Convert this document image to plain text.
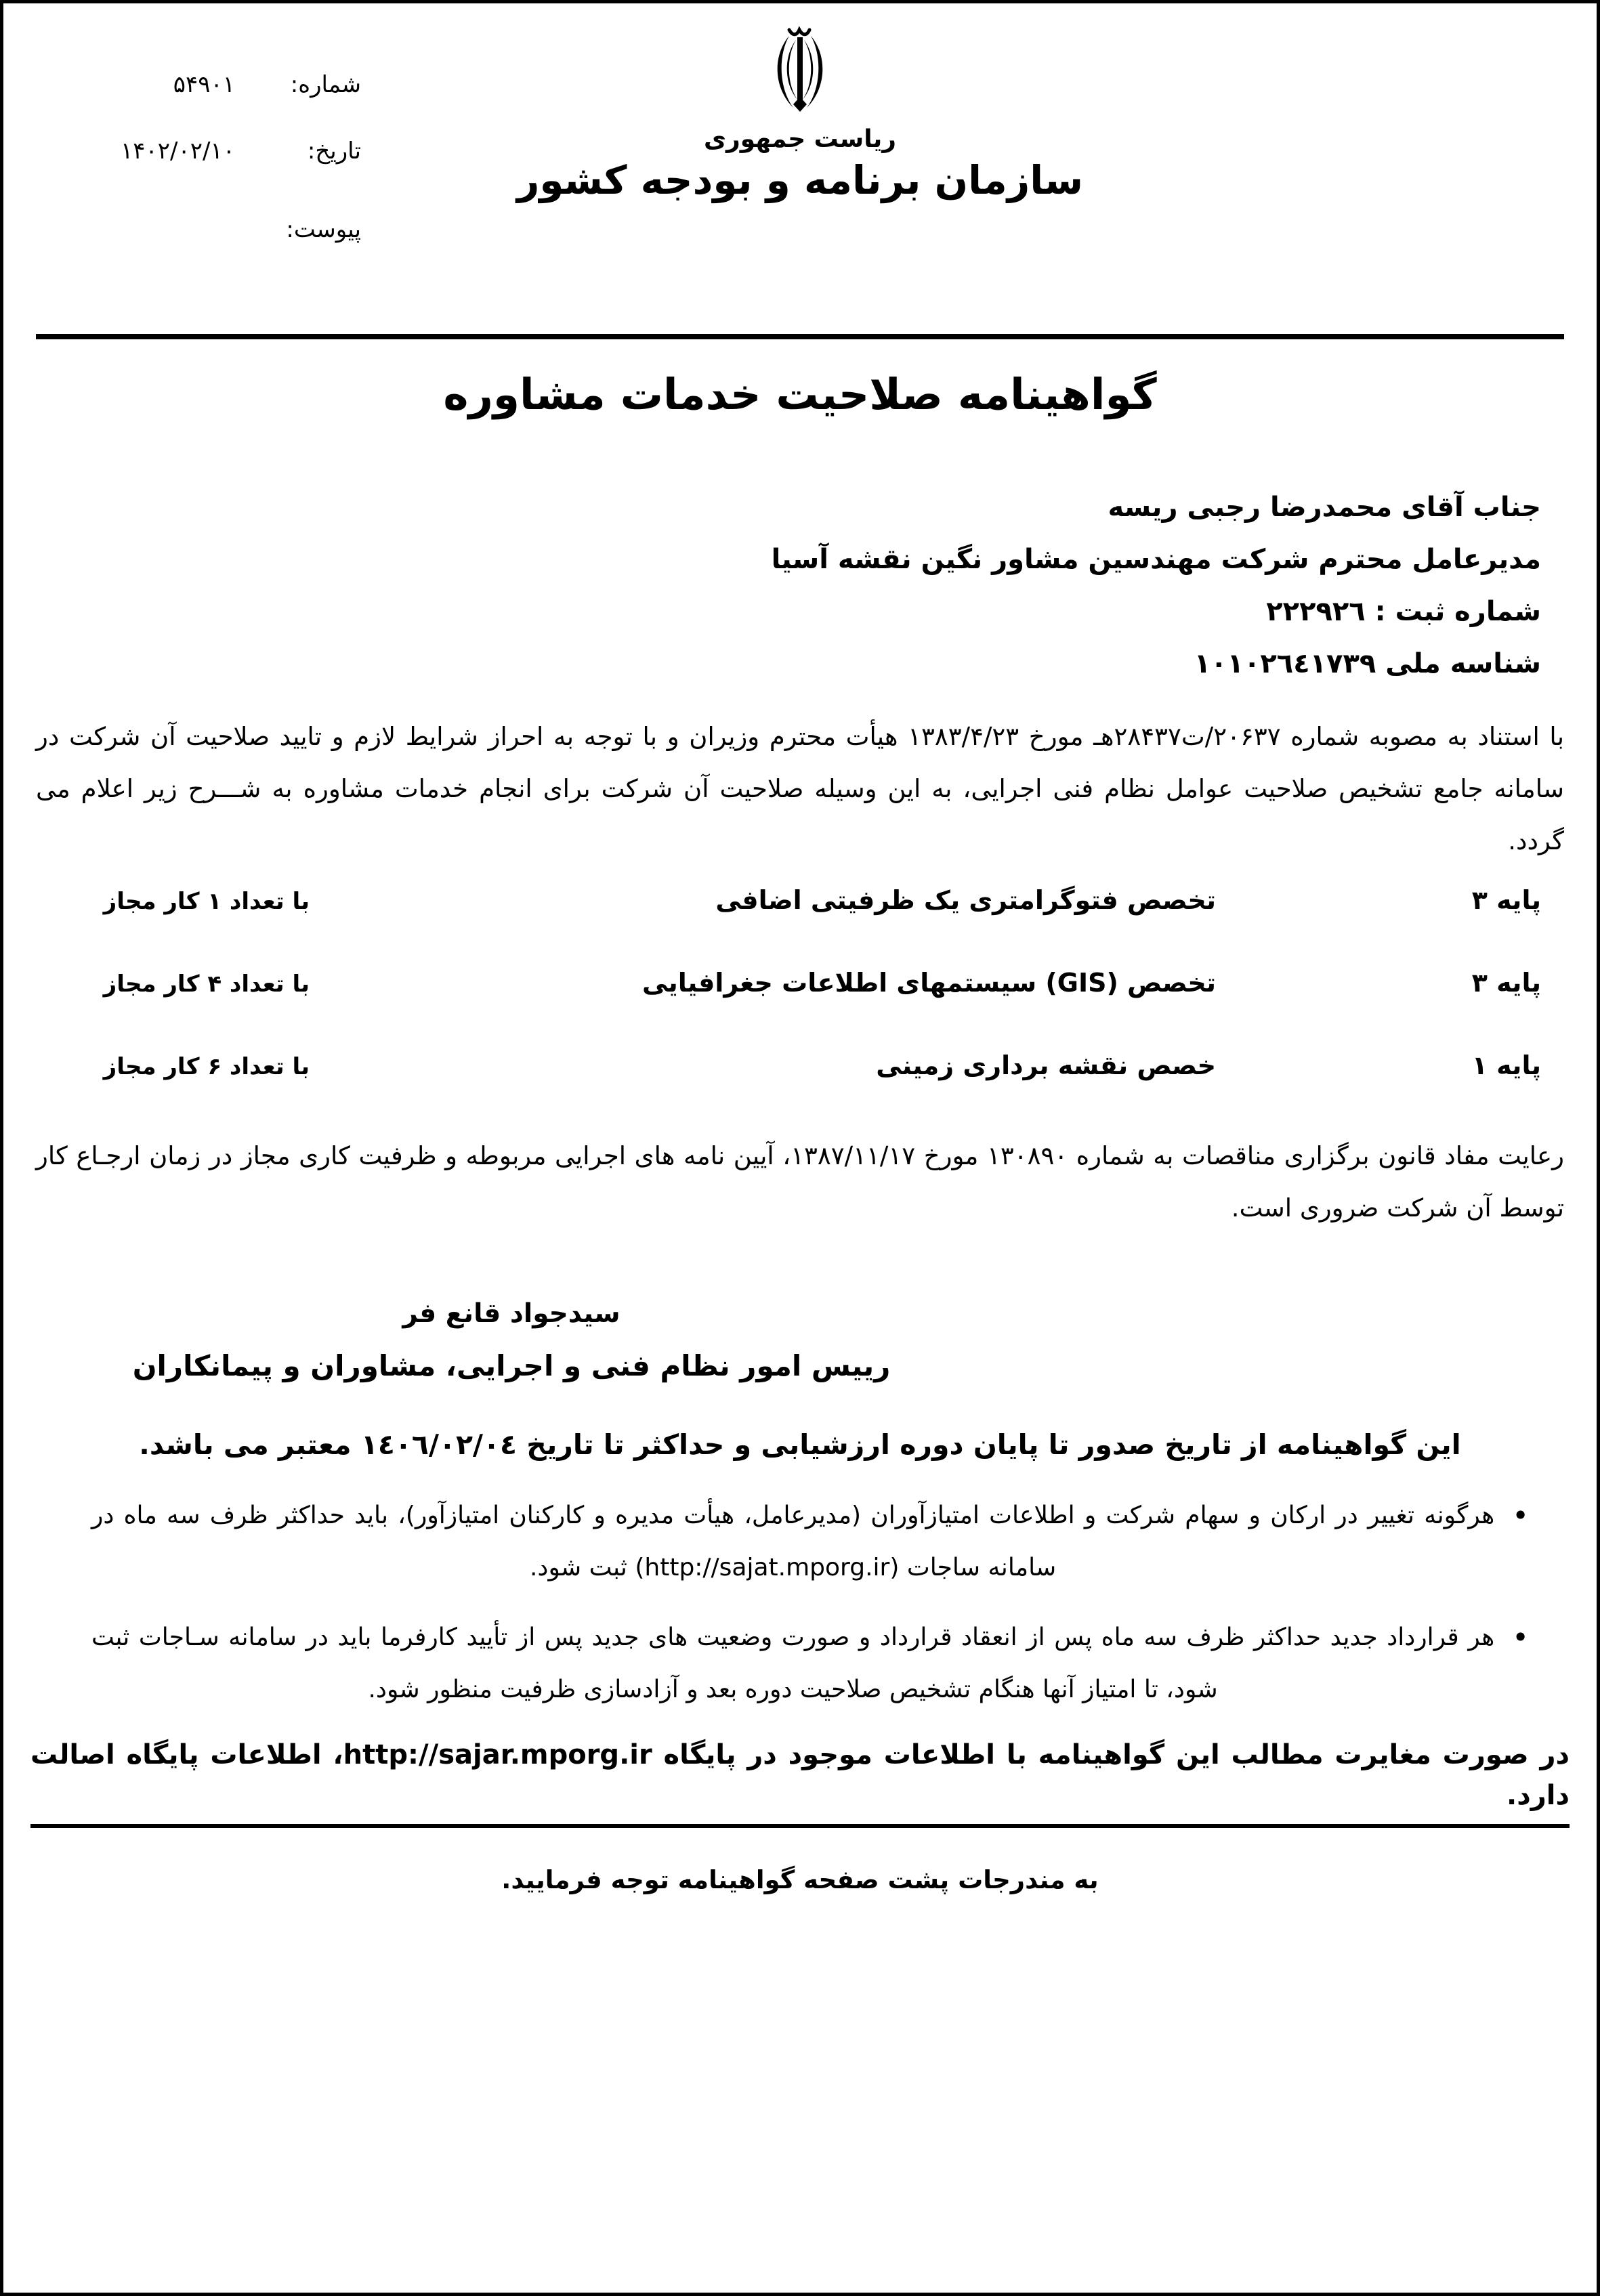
شماره:
۵۴۹۰۱
تاریخ:
۱۴۰۲/۰۲/۱۰
پیوست:
ریاست جمهوری
سازمان برنامه و بودجه کشور
گواهینامه صلاحیت خدمات مشاوره
جناب آقای محمدرضا رجبی ریسه
مدیرعامل محترم شرکت مهندسین مشاور نگین نقشه آسیا
شماره ثبت : ٢٢٢٩٢٦
شناسه ملی ١٠١٠٢٦٤١٧٣٩
با استناد به مصوبه شماره ۲۰۶۳۷/ت۲۸۴۳۷هـ مورخ ۱۳۸۳/۴/۲۳ هیأت محترم وزیران و با توجه به احراز شرایط لازم و تایید صلاحیت آن شرکت در سامانه جامع تشخیص صلاحیت عوامل نظام فنی اجرایی، به این وسیله صلاحیت آن شرکت برای انجام خدمات مشاوره به شـــرح زیر اعلام می گردد.
پایه ۳
تخصص فتوگرامتری یک ظرفیتی اضافی
با تعداد ۱ کار مجاز
پایه ۳
تخصص (GIS) سیستمهای اطلاعات جغرافیایی
با تعداد ۴ کار مجاز
پایه ۱
خصص نقشه برداری زمینی
با تعداد ۶ کار مجاز
رعایت مفاد قانون برگزاری مناقصات به شماره ۱۳۰۸۹۰ مورخ ۱۳۸۷/۱۱/۱۷، آیین نامه های اجرایی مربوطه و ظرفیت کاری مجاز در زمان ارجـاع کار توسط آن شرکت ضروری است.
سیدجواد قانع فر
رییس امور نظام فنی و اجرایی، مشاوران و پیمانکاران
این گواهینامه از تاریخ صدور تا پایان دوره ارزشیابی و حداکثر تا تاریخ ١٤٠٦/٠٢/٠٤ معتبر می باشد.
•
هرگونه تغییر در ارکان و سهام شرکت و اطلاعات امتیازآوران (مدیرعامل، هیأت مدیره و کارکنان امتیازآور)، باید حداکثر ظرف سه ماه در سامانه ساجات (http://sajat.mporg.ir) ثبت شود.
•
هر قرارداد جدید حداکثر ظرف سه ماه پس از انعقاد قرارداد و صورت وضعیت های جدید پس از تأیید کارفرما باید در سامانه سـاجات ثبت شود، تا امتیاز آنها هنگام تشخیص صلاحیت دوره بعد و آزادسازی ظرفیت منظور شود.
در صورت مغایرت مطالب این گواهینامه با اطلاعات موجود در پایگاه http://sajar.mporg.ir، اطلاعات پایگاه اصالت دارد.
به مندرجات پشت صفحه گواهینامه توجه فرمایید.
